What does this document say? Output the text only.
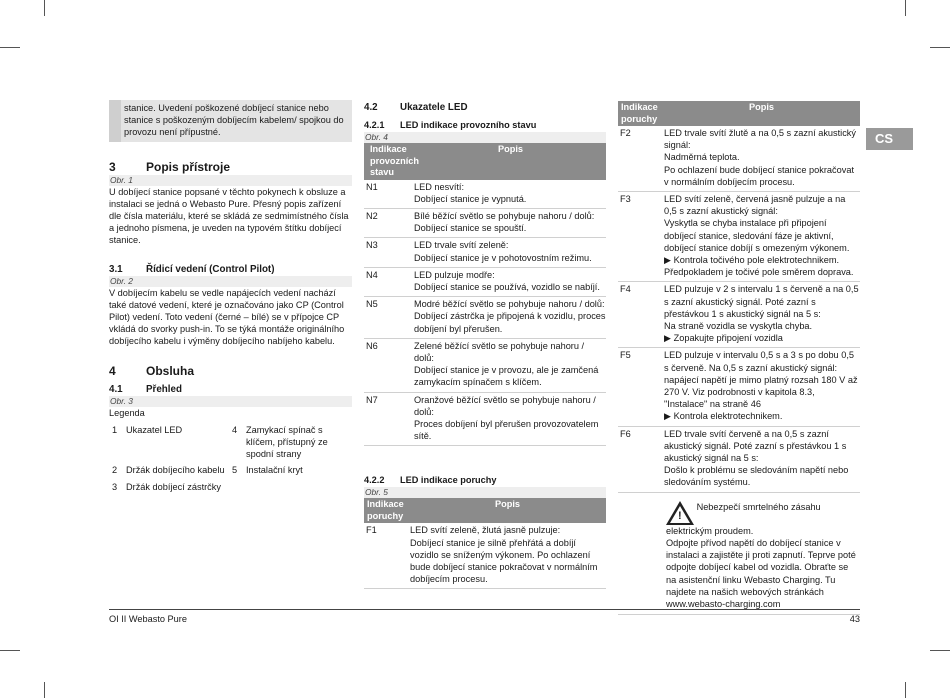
stanice. Uvedení poškozené dobíjecí stanice nebo stanice s poškozeným dobíjecím kabelem/ spojkou do provozu není přípustné.
3	Popis přístroje
Obr. 1
U dobíjecí stanice popsané v těchto pokynech k obsluze a instalaci se jedná o Webasto Pure. Přesný popis zařízení dle čísla materiálu, které se skládá ze sedmimístného čísla a jednoho písmena, je uveden na typovém štítku dobíjecí stanice.
3.1 Řídicí vedení (Control Pilot)
Obr. 2
V dobíjecím kabelu se vedle napájecích vedení nachází také datové vedení, které je označováno jako CP (Control Pilot) vedení. Toto vedení (černé – bílé) se v přípojce CP vkládá do svorky push-in. To se týká montáže originálního dobíjecího kabelu i výměny dobíjecího nabíjeho kabelu.
4	Obsluha
4.1 Přehled
Obr. 3
Legenda
1	Ukazatel LED	4	Zamykací spínač s klíčem, přístupný ze spodní strany
2	Držák dobíjecího kabelu	5	Instalační kryt
3	Držák dobíjecí zástrčky		
4.2 Ukazatele LED
4.2.1 LED indikace provozního stavu
Obr. 4
Indikace provozních stavu
Popis
N1	LED nesvítí:
Dobíjecí stanice je vypnutá.
N2	Bílé běžící světlo se pohybuje nahoru / dolů:
Dobíjecí stanice se spouští.
N3	LED trvale svítí zeleně:
Dobíjecí stanice je v pohotovostním režimu.
N4	LED pulzuje modře:
Dobíjecí stanice se používá, vozidlo se nabíjí.
N5	Modré běžící světlo se pohybuje nahoru / dolů:
Dobíjecí zástrčka je připojená k vozidlu, proces dobíjení byl přerušen.
N6	Zelené běžící světlo se pohybuje nahoru / dolů:
Dobíjecí stanice je v provozu, ale je zamčená zamykacím spínačem s klíčem.
N7	Oranžové běžící světlo se pohybuje nahoru / dolů:
Proces dobíjení byl přerušen provozovatelem sítě.
4.2.2 LED indikace poruchy
Obr. 5
Indikace poruchy
Popis
F1	LED svítí zeleně, žlutá jasně pulzuje:
Dobíjecí stanice je silně přehřátá a dobíjí vozidlo se sníženým výkonem. Po ochlazení bude dobíjecí stanice pokračovat v normálním dobíjecím procesu.
Indikace poruchy
Popis
F2	LED trvale svítí žlutě a na 0,5 s zazní akustický signál:
Nadměrná teplota.
Po ochlazení bude dobíjecí stanice pokračovat v normálním dobíjecím procesu.
F3	LED svítí zeleně, červená jasně pulzuje a na 0,5 s zazní akustický signál:
Vyskytla se chyba instalace při připojení dobíjecí stanice, sledování fáze je aktivní, dobíjecí stanice dobíjí s omezeným výkonem.
▶ Kontrola točivého pole elektrotechnikem. Předpokladem je točivé pole směrem doprava.
F4	LED pulzuje v 2 s intervalu 1 s červeně a na 0,5 s zazní akustický signál. Poté zazní s přestávkou 1 s akustický signál na 5 s:
Na straně vozidla se vyskytla chyba.
▶ Zopakujte připojení vozidla
F5	LED pulzuje v intervalu 0,5 s a 3 s po dobu 0,5 s červeně. Na 0,5 s zazní akustický signál: napájecí napětí je mimo platný rozsah 180 V až 270 V. Viz podrobnosti v kapitola 8.3, "Instalace" na straně 46
▶ Kontrola elektrotechnikem.
F6	LED trvale svítí červeně a na 0,5 s zazní akustický signál. Poté zazní s přestávkou 1 s akustický signál na 5 s:
Došlo k problému se sledováním napětí nebo sledováním systému.
!
Nebezpečí smrtelného zásahu elektrickým proudem.
Odpojte přívod napětí do dobíjecí stanice v instalaci a zajistěte ji proti zapnutí. Teprve poté odpojte dobíjecí kabel od vozidla. Obraťte se na asistenční linku Webasto Charging. Tu najdete na našich webových stránkách www.webasto-charging.com
CS
OI II Webasto Pure	43
